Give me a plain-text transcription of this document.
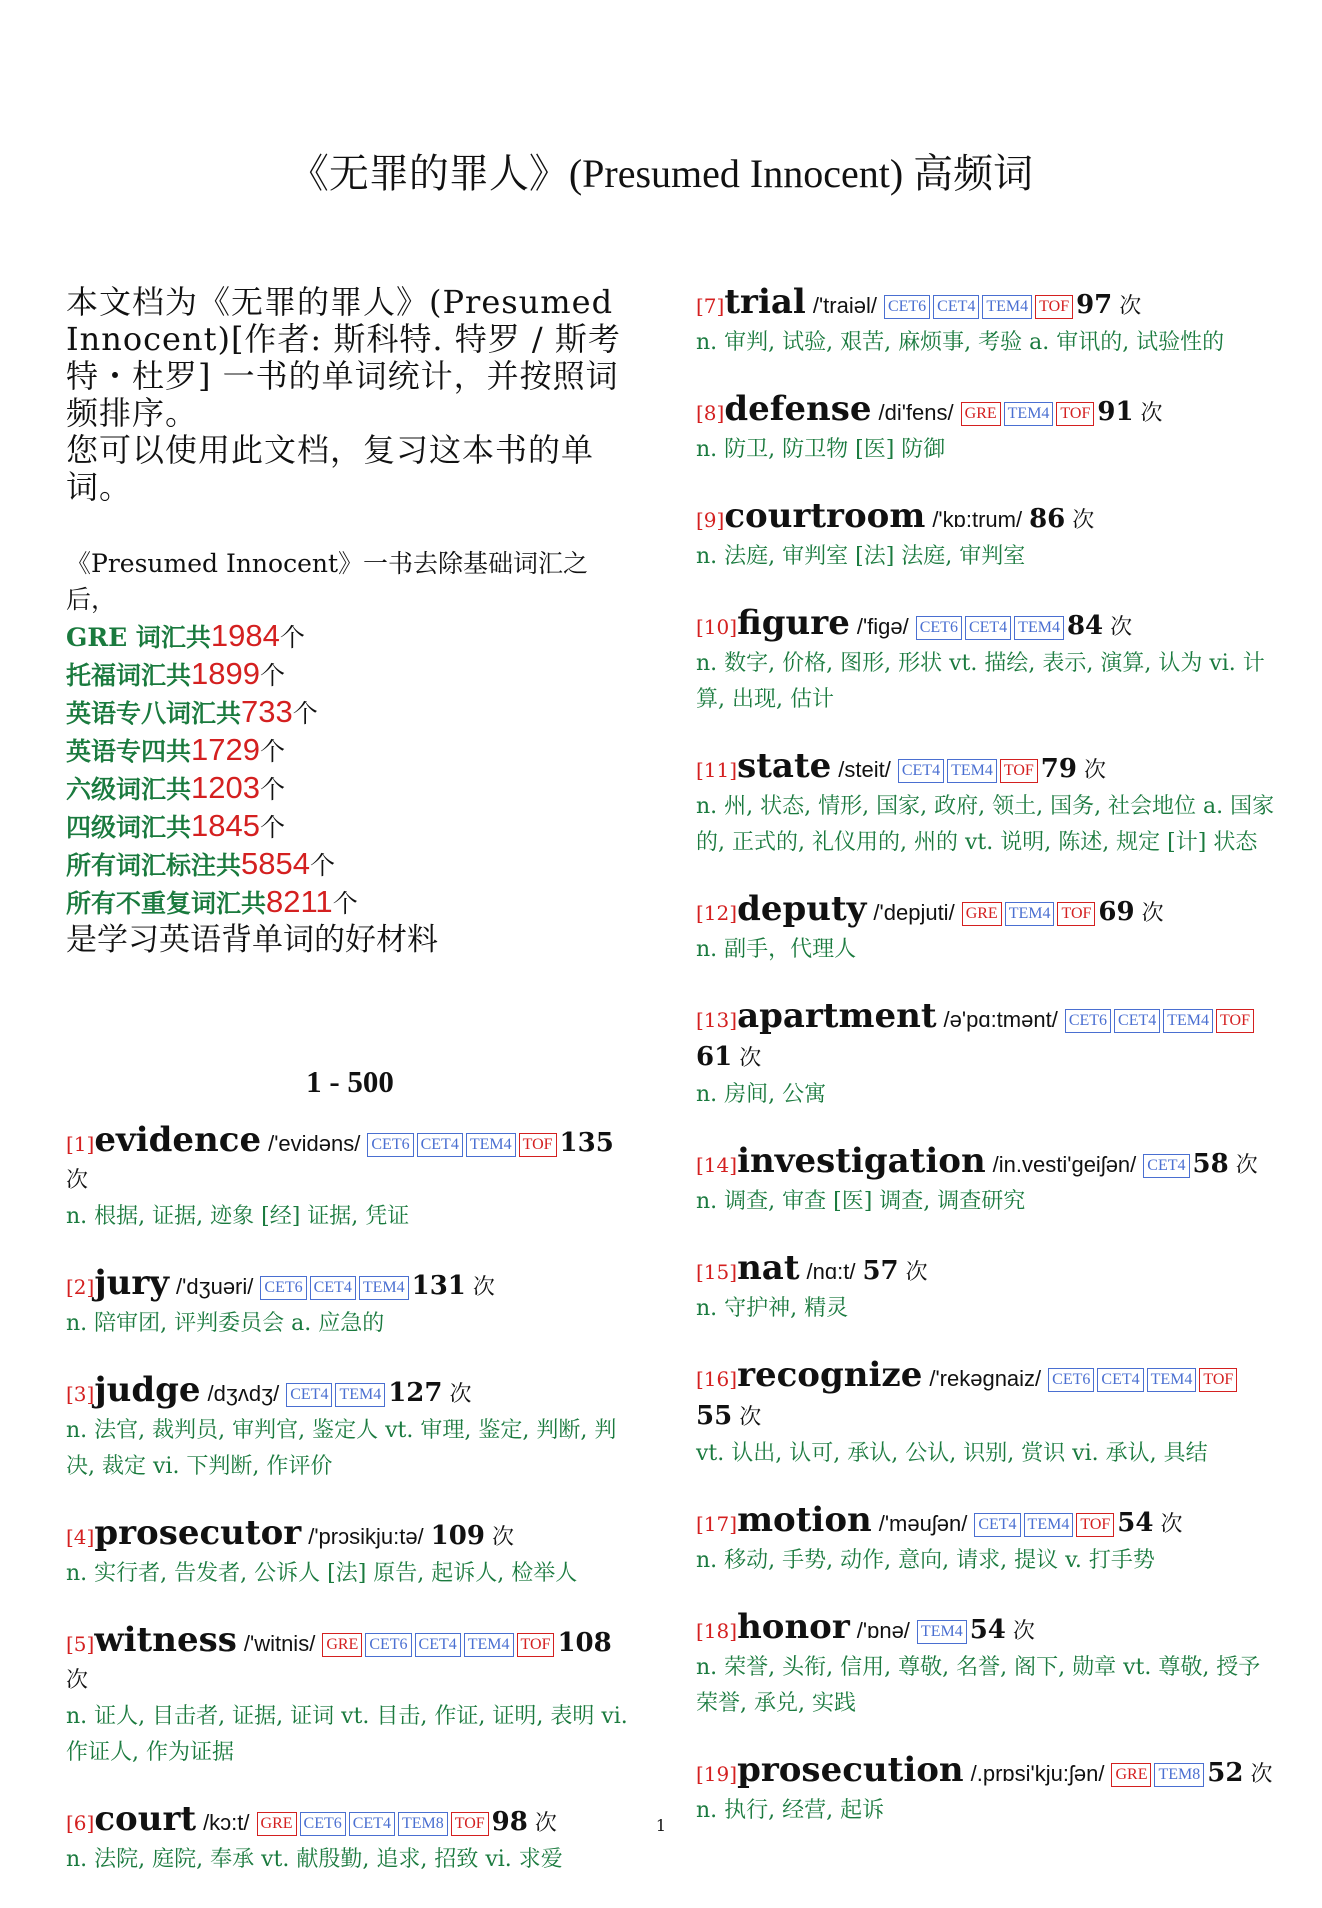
《无罪的罪人》(Presumed Innocent) 高频词

本文档为《无罪的罪人》(Presumed Innocent)[作者: 斯科特. 特罗 / 斯考特・杜罗] 一书的单词统计，并按照词频排序。

您可以使用此文档，复习这本书的单词。

《Presumed Innocent》一书去除基础词汇之后，
GRE 词汇共1984个
托福词汇共1899个
英语专八词汇共733个
英语专四共1729个
六级词汇共1203个
四级词汇共1845个
所有词汇标注共5854个
所有不重复词汇共8211个
是学习英语背单词的好材料
1 - 500
[1]evidence /'evidəns/ CET6 CET4 TEM4 TOF 135 次
n. 根据, 证据, 迹象 [经] 证据, 凭证
[2]jury /'dʒuəri/ CET6 CET4 TEM4 131 次
n. 陪审团, 评判委员会 a. 应急的
[3]judge /dʒʌdʒ/ CET4 TEM4 127 次
n. 法官, 裁判员, 审判官, 鉴定人 vt. 审理, 鉴定, 判断, 判决, 裁定 vi. 下判断, 作评价
[4]prosecutor /'prɔsikju:tə/ 109 次
n. 实行者, 告发者, 公诉人 [法] 原告, 起诉人, 检举人
[5]witness /'witnis/ GRE CET6 CET4 TEM4 TOF 108 次
n. 证人, 目击者, 证据, 证词 vt. 目击, 作证, 证明, 表明 vi. 作证人, 作为证据
[6]court /kɔ:t/ GRE CET6 CET4 TEM8 TOF 98 次
n. 法院, 庭院, 奉承 vt. 献殷勤, 追求, 招致 vi. 求爱
[7]trial /'traiəl/ CET6 CET4 TEM4 TOF 97 次
n. 审判, 试验, 艰苦, 麻烦事, 考验 a. 审讯的, 试验性的
[8]defense /di'fens/ GRE TEM4 TOF 91 次
n. 防卫, 防卫物 [医] 防御
[9]courtroom /'kɒ:trum/ 86 次
n. 法庭, 审判室 [法] 法庭, 审判室
[10]figure /'figə/ CET6 CET4 TEM4 84 次
n. 数字, 价格, 图形, 形状 vt. 描绘, 表示, 演算, 认为 vi. 计算, 出现, 估计
[11]state /steit/ CET4 TEM4 TOF 79 次
n. 州, 状态, 情形, 国家, 政府, 领土, 国务, 社会地位 a. 国家的, 正式的, 礼仪用的, 州的 vt. 说明, 陈述, 规定 [计] 状态
[12]deputy /'depjuti/ GRE TEM4 TOF 69 次
n. 副手，代理人
[13]apartment /ə'pɑ:tmənt/ CET6 CET4 TEM4 TOF61 次
n. 房间, 公寓
[14]investigation /in.vesti'geiʃən/ CET4 58 次
n. 调查, 审查 [医] 调查, 调查研究
[15]nat /nɑ:t/ 57 次
n. 守护神, 精灵
[16]recognize /'rekəgnaiz/ CET6 CET4 TEM4 TOF55 次
vt. 认出, 认可, 承认, 公认, 识别, 赏识 vi. 承认, 具结
[17]motion /'məuʃən/ CET4 TEM4 TOF 54 次
n. 移动, 手势, 动作, 意向, 请求, 提议 v. 打手势
[18]honor /'ɒnə/ TEM4 54 次
n. 荣誉, 头衔, 信用, 尊敬, 名誉, 阁下, 勋章 vt. 尊敬, 授予荣誉, 承兑, 实践
[19]prosecution /.prɒsi'kju:ʃən/ GRE TEM8 52 次
n. 执行, 经营, 起诉
1
